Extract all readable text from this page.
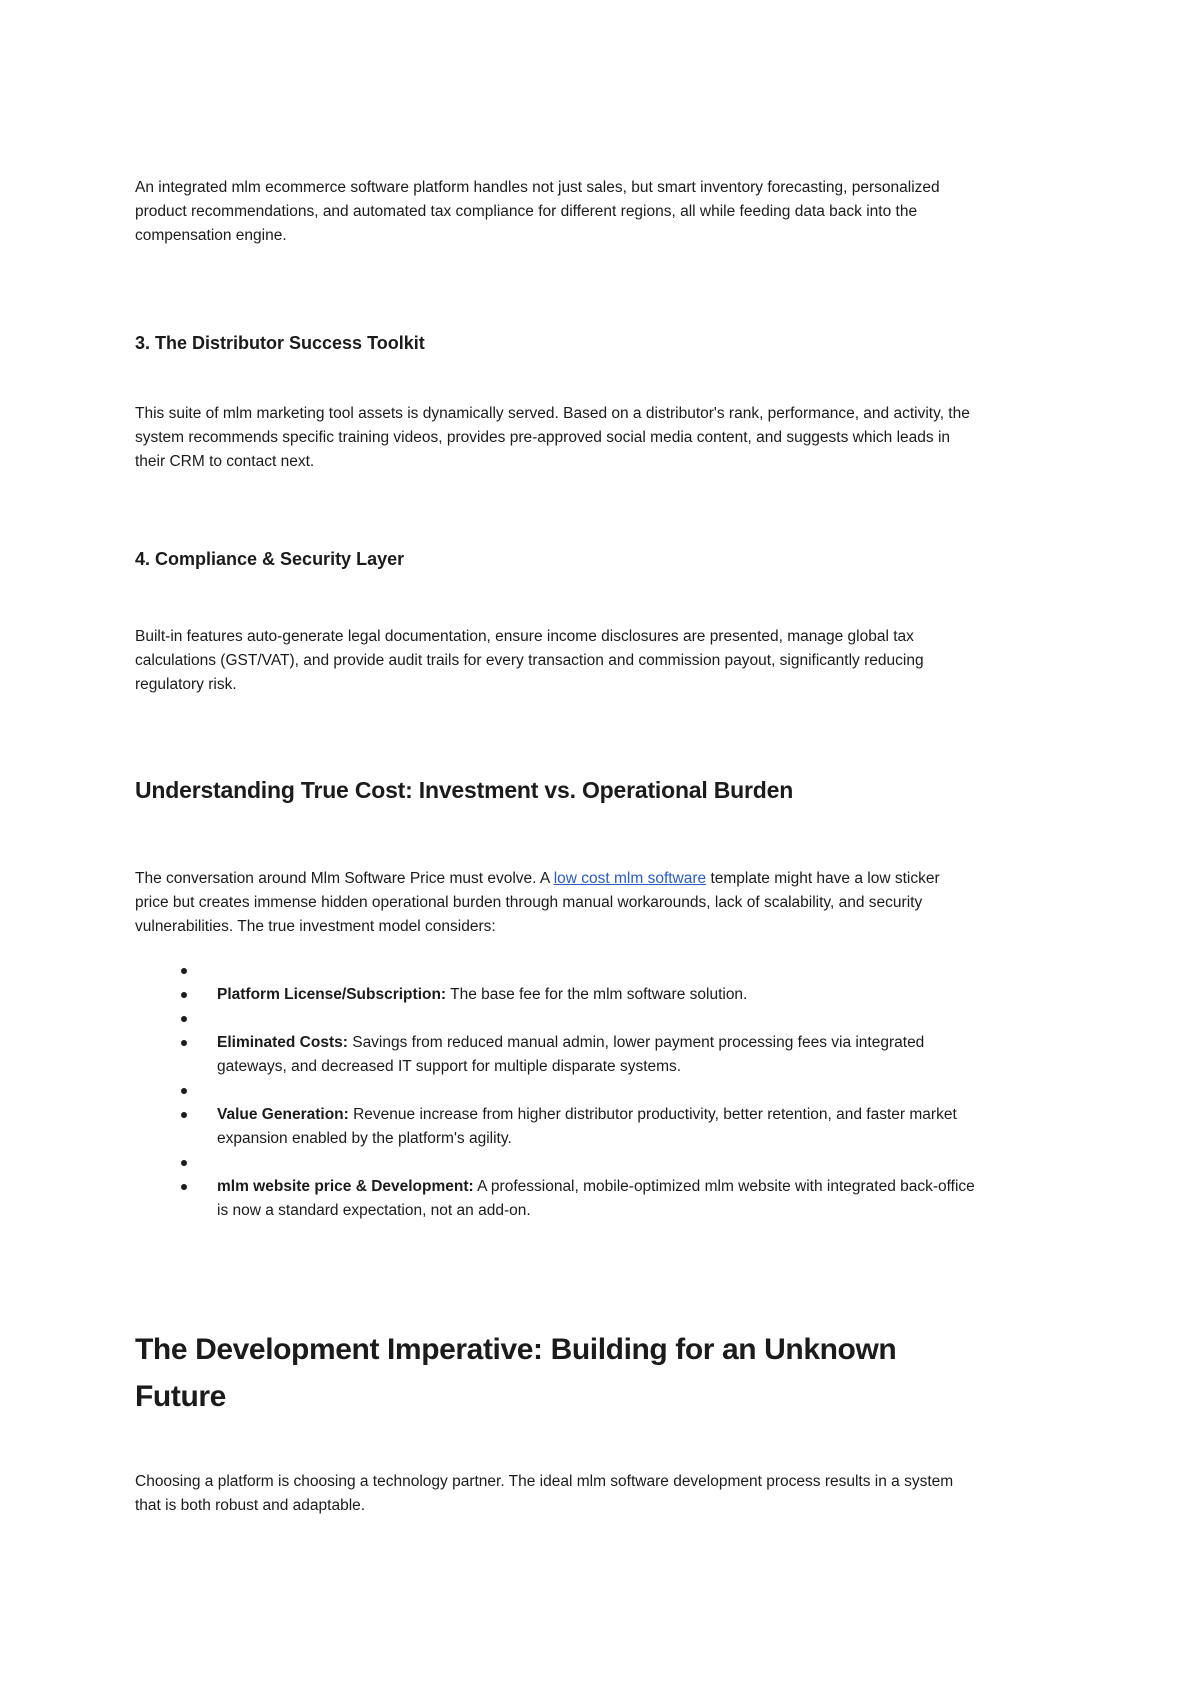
An integrated mlm ecommerce software platform handles not just sales, but smart inventory forecasting, personalized product recommendations, and automated tax compliance for different regions, all while feeding data back into the compensation engine.

3. The Distributor Success Toolkit

This suite of mlm marketing tool assets is dynamically served. Based on a distributor's rank, performance, and activity, the system recommends specific training videos, provides pre-approved social media content, and suggests which leads in their CRM to contact next.

4. Compliance & Security Layer

Built-in features auto-generate legal documentation, ensure income disclosures are presented, manage global tax calculations (GST/VAT), and provide audit trails for every transaction and commission payout, significantly reducing regulatory risk.

Understanding True Cost: Investment vs. Operational Burden

The conversation around Mlm Software Price must evolve. A low cost mlm software template might have a low sticker price but creates immense hidden operational burden through manual workarounds, lack of scalability, and security vulnerabilities. The true investment model considers:

Platform License/Subscription: The base fee for the mlm software solution.
Eliminated Costs: Savings from reduced manual admin, lower payment processing fees via integrated gateways, and decreased IT support for multiple disparate systems.
Value Generation: Revenue increase from higher distributor productivity, better retention, and faster market expansion enabled by the platform's agility.
mlm website price & Development: A professional, mobile-optimized mlm website with integrated back-office is now a standard expectation, not an add-on.
The Development Imperative: Building for an Unknown
Future

Choosing a platform is choosing a technology partner. The ideal mlm software development process results in a system that is both robust and adaptable.
